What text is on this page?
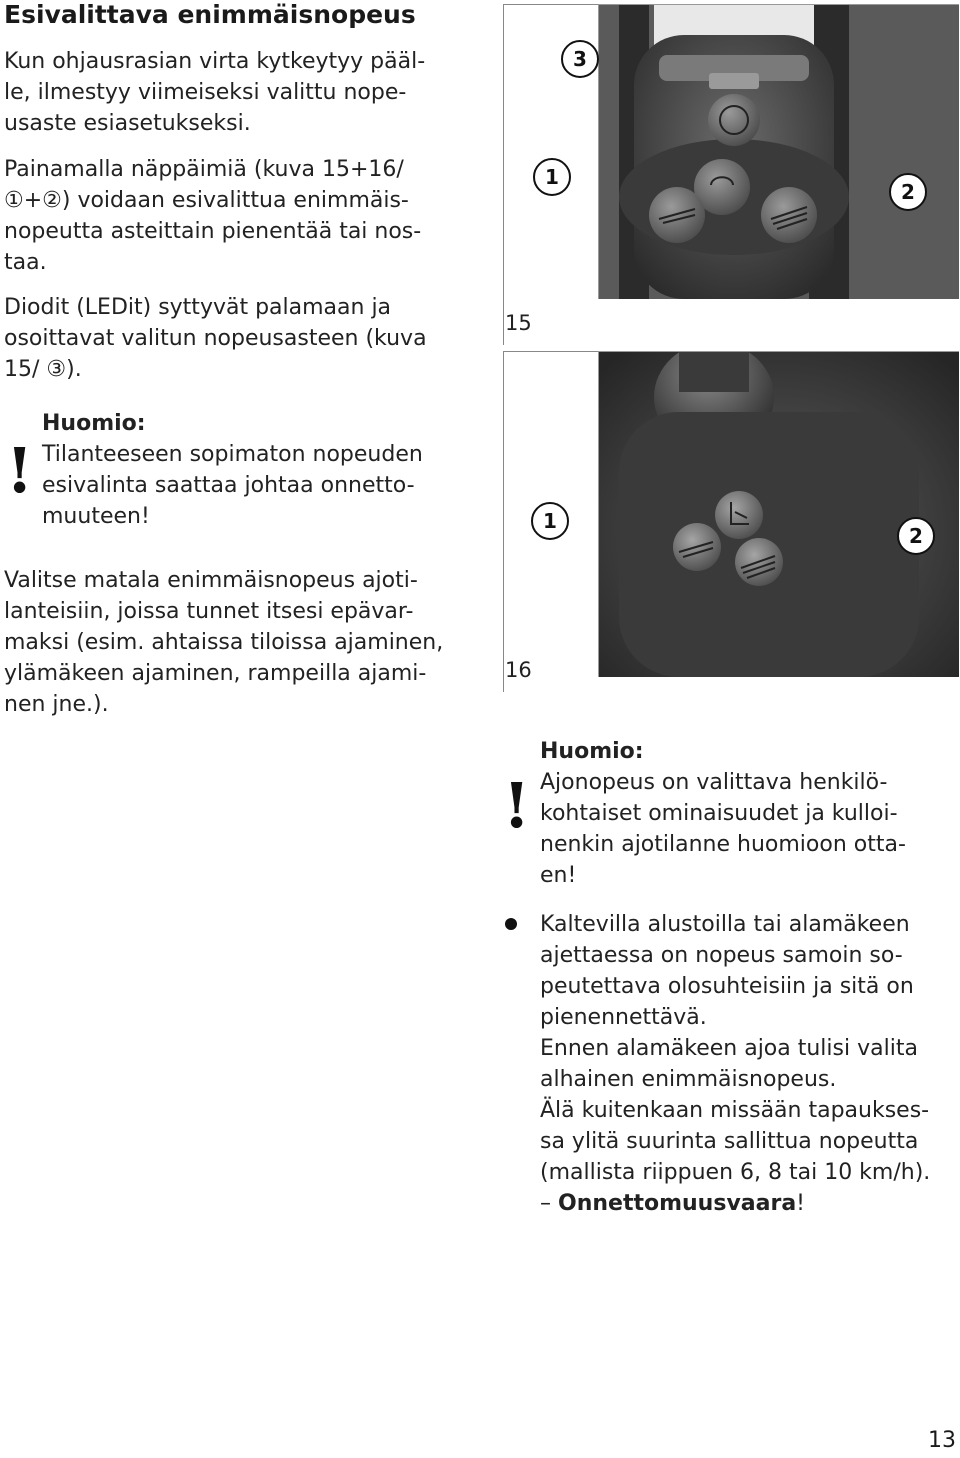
Esivalittava enimmäisnopeus
Kun ohjausrasian virta kytkeytyy pääl-
le, ilmestyy viimeiseksi valittu nope-
usaste esiasetukseksi.
Painamalla näppäimiä (kuva 15+16/
①+②) voidaan esivalittua enimmäis-
nopeutta asteittain pienentää tai nos-
taa.
Diodit (LEDit) syttyvät palamaan ja
osoittavat valitun nopeusasteen (kuva
15/ ③).
!
Huomio:
Tilanteeseen sopimaton nopeuden
esivalinta saattaa johtaa onnetto-
muuteen!
Valitse matala enimmäisnopeus ajoti-
lanteisiin, joissa tunnet itsesi epävar-
maksi (esim. ahtaissa tiloissa ajaminen,
ylämäkeen ajaminen, rampeilla ajami-
nen jne.).
3
1
2
15
1
2
16
!
Huomio:
Ajonopeus on valittava henkilö-
kohtaiset ominaisuudet ja kulloi-
nenkin ajotilanne huomioon otta-
en!
Kaltevilla alustoilla tai alamäkeen
ajettaessa on nopeus samoin so-
peutettava olosuhteisiin ja sitä on
pienennettävä.
Ennen alamäkeen ajoa tulisi valita
alhainen enimmäisnopeus.
Älä kuitenkaan missään tapaukses-
sa ylitä suurinta sallittua nopeutta
(mallista riippuen 6, 8 tai 10 km/h).
– Onnettomuusvaara!
13
